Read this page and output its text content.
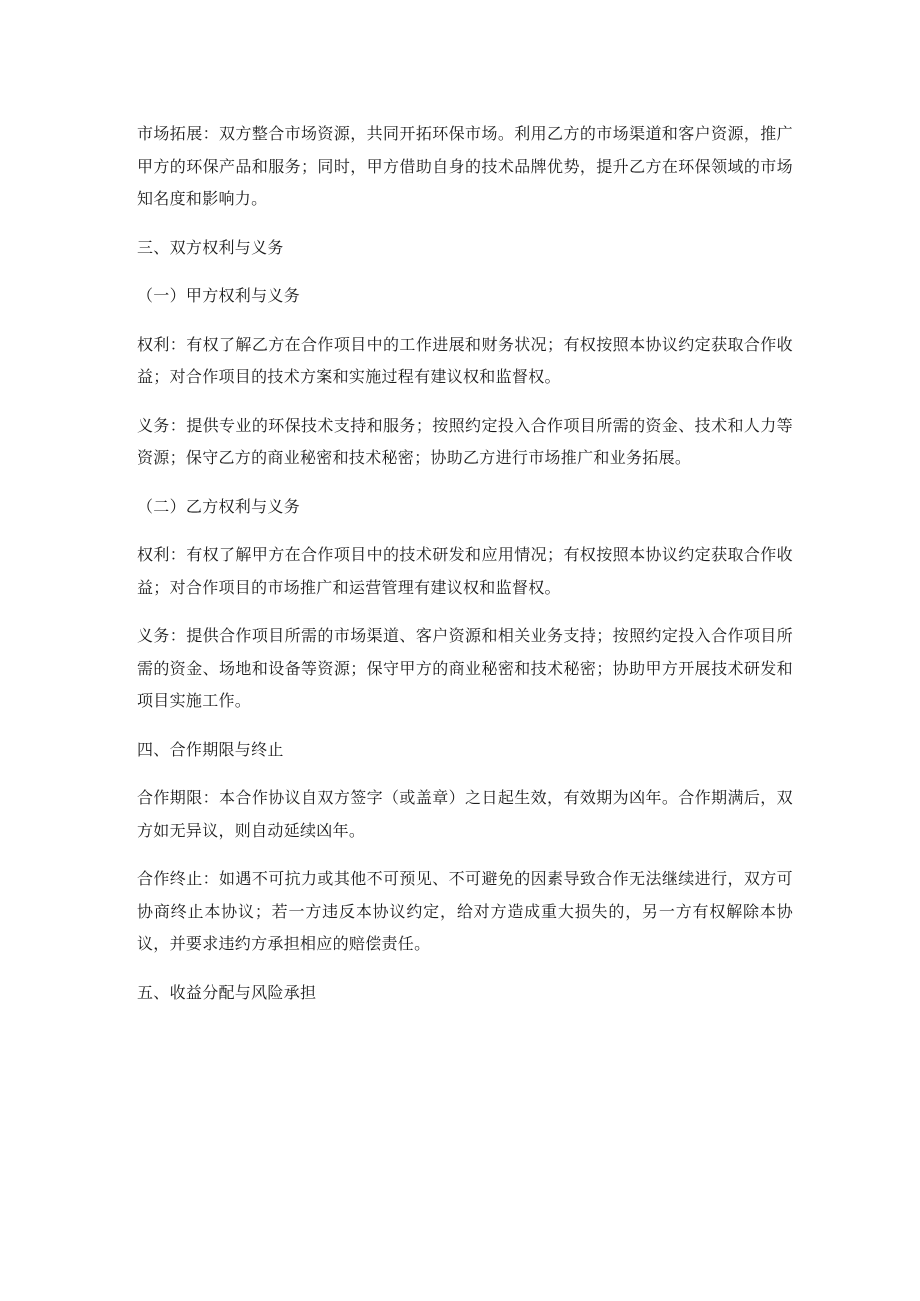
市场拓展：双方整合市场资源，共同开拓环保市场。利用乙方的市场渠道和客户资源，推广甲方的环保产品和服务；同时，甲方借助自身的技术品牌优势，提升乙方在环保领域的市场知名度和影响力。

三、双方权利与义务

（一）甲方权利与义务

权利：有权了解乙方在合作项目中的工作进展和财务状况；有权按照本协议约定获取合作收益；对合作项目的技术方案和实施过程有建议权和监督权。

义务：提供专业的环保技术支持和服务；按照约定投入合作项目所需的资金、技术和人力等资源；保守乙方的商业秘密和技术秘密；协助乙方进行市场推广和业务拓展。

（二）乙方权利与义务

权利：有权了解甲方在合作项目中的技术研发和应用情况；有权按照本协议约定获取合作收益；对合作项目的市场推广和运营管理有建议权和监督权。

义务：提供合作项目所需的市场渠道、客户资源和相关业务支持；按照约定投入合作项目所需的资金、场地和设备等资源；保守甲方的商业秘密和技术秘密；协助甲方开展技术研发和项目实施工作。

四、合作期限与终止

合作期限：本合作协议自双方签字（或盖章）之日起生效，有效期为凶年。合作期满后，双方如无异议，则自动延续凶年。

合作终止：如遇不可抗力或其他不可预见、不可避免的因素导致合作无法继续进行，双方可协商终止本协议；若一方违反本协议约定，给对方造成重大损失的，另一方有权解除本协议，并要求违约方承担相应的赔偿责任。

五、收益分配与风险承担
